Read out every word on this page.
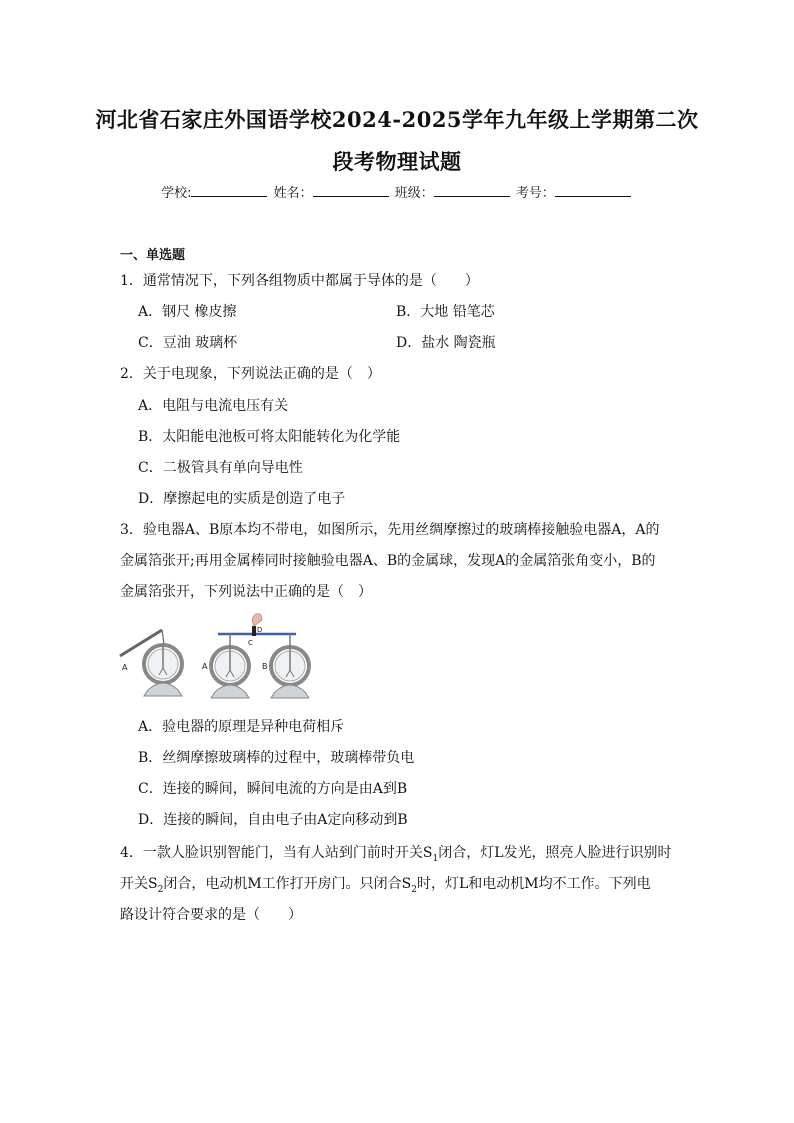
河北省石家庄外国语学校2024-2025学年九年级上学期第二次
段考物理试题
学校:	姓名：	班级：	考号：
一、单选题
1．通常情况下，下列各组物质中都属于导体的是（　　）
A．钢尺 橡皮擦	B．大地 铅笔芯
C．豆油 玻璃杯	D．盐水 陶瓷瓶
2．关于电现象，下列说法正确的是（　）
A．电阻与电流电压有关
B．太阳能电池板可将太阳能转化为化学能
C．二极管具有单向导电性
D．摩擦起电的实质是创造了电子
3．验电器A、B原本均不带电，如图所示，先用丝绸摩擦过的玻璃棒接触验电器A，A的
金属箔张开;再用金属棒同时接触验电器A、B的金属球，发现A的金属箔张角变小，B的
金属箔张开，下列说法中正确的是（　）
A
D
C
A	B
A．验电器的原理是异种电荷相斥
B．丝绸摩擦玻璃棒的过程中，玻璃棒带负电
C．连接的瞬间，瞬间电流的方向是由A到B
D．连接的瞬间，自由电子由A定向移动到B
4．一款人脸识别智能门，当有人站到门前时开关$S_1$闭合，灯L发光，照亮人脸进行识别时
开关$S_2$闭合，电动机M工作打开房门。只闭合$S_2$时，灯L和电动机M均不工作。下列电
路设计符合要求的是（　　）
